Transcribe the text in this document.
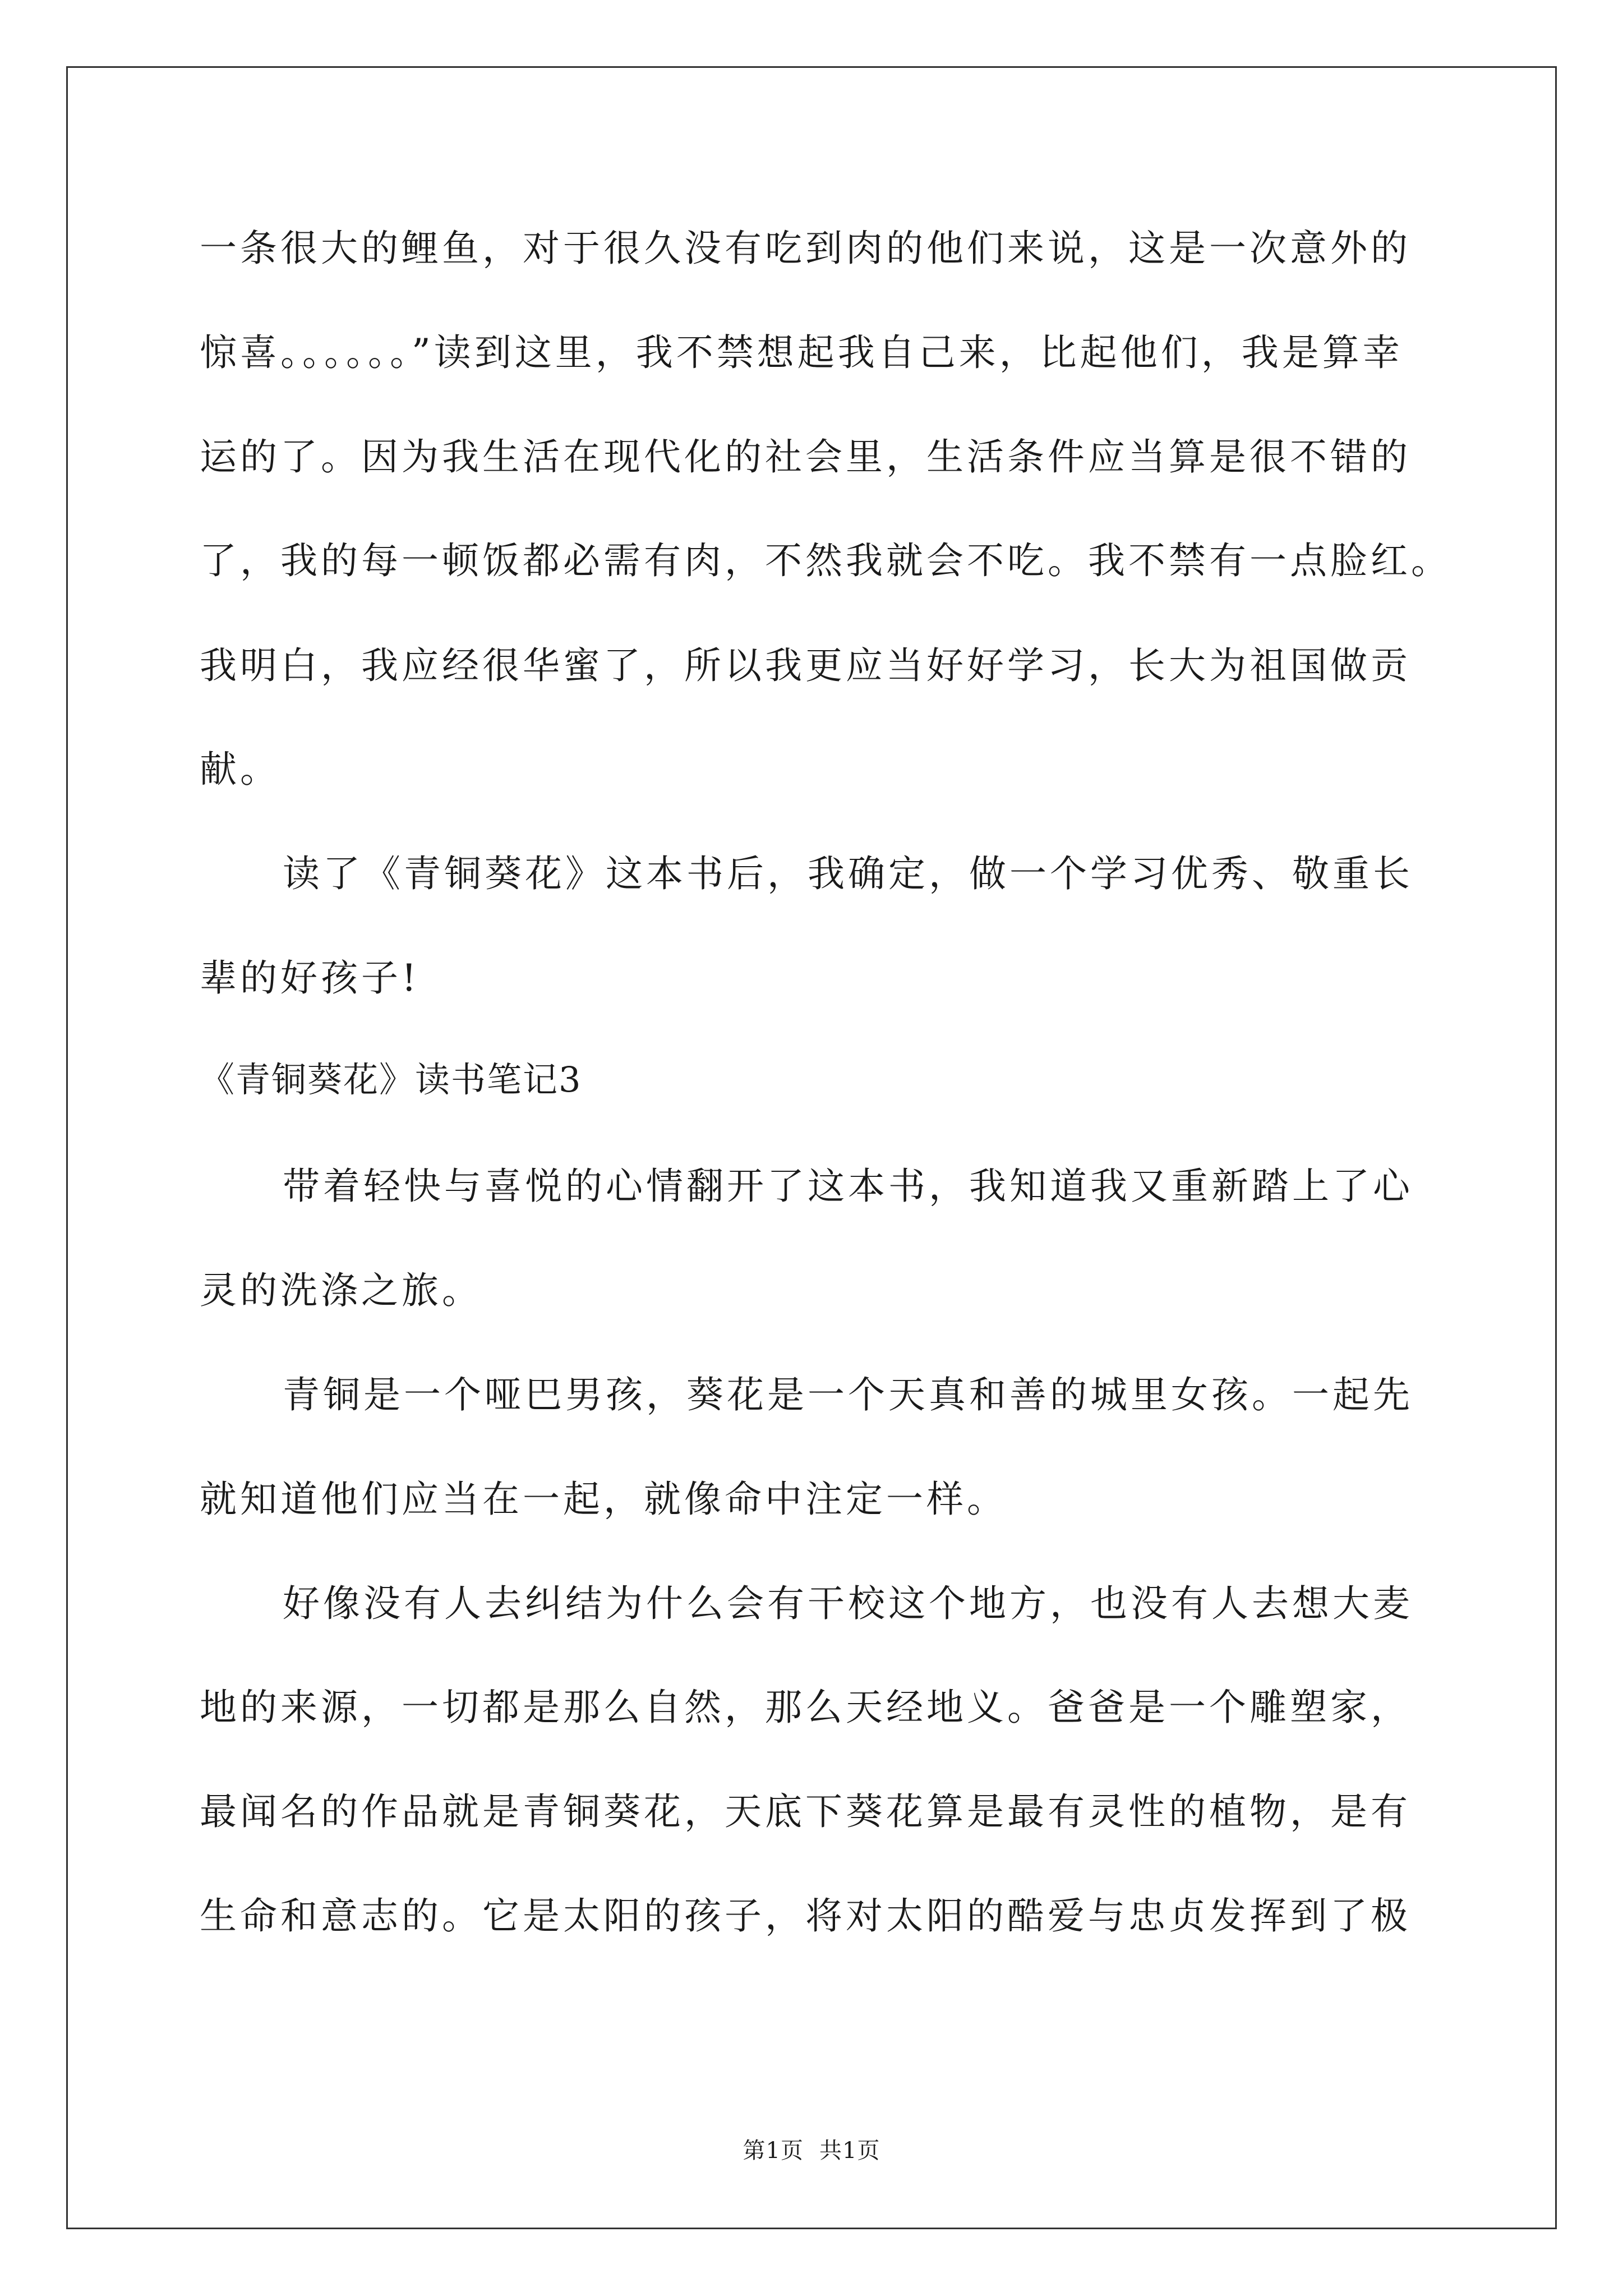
一条很大的鲤鱼，对于很久没有吃到肉的他们来说，这是一次意外的
惊喜。。。。。。”读到这里，我不禁想起我自己来，比起他们，我是算幸
运的了。因为我生活在现代化的社会里，生活条件应当算是很不错的
了，我的每一顿饭都必需有肉，不然我就会不吃。我不禁有一点脸红。
我明白，我应经很华蜜了，所以我更应当好好学习，长大为祖国做贡
献。
读了《青铜葵花》这本书后，我确定，做一个学习优秀、敬重长
辈的好孩子!
《青铜葵花》读书笔记3
带着轻快与喜悦的心情翻开了这本书，我知道我又重新踏上了心
灵的洗涤之旅。
青铜是一个哑巴男孩，葵花是一个天真和善的城里女孩。一起先
就知道他们应当在一起，就像命中注定一样。
好像没有人去纠结为什么会有干校这个地方，也没有人去想大麦
地的来源，一切都是那么自然，那么天经地义。爸爸是一个雕塑家，
最闻名的作品就是青铜葵花，天底下葵花算是最有灵性的植物，是有
生命和意志的。它是太阳的孩子，将对太阳的酷爱与忠贞发挥到了极
第1页 共1页
